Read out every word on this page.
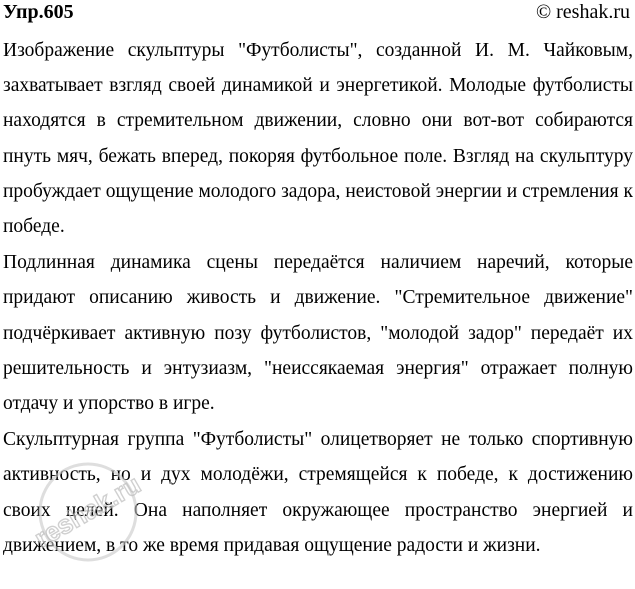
Упр.605	© reshak.ru

Изображение скульптуры "Футболисты", созданной И. М. Чайковым, захватывает взгляд своей динамикой и энергетикой. Молодые футболисты находятся в стремительном движении, словно они вот-вот собираются пнуть мяч, бежать вперед, покоряя футбольное поле. Взгляд на скульптуру пробуждает ощущение молодого задора, неистовой энергии и стремления к победе.

Подлинная динамика сцены передаётся наличием наречий, которые придают описанию живость и движение. "Стремительное движение" подчёркивает активную позу футболистов, "молодой задор" передаёт их решительность и энтузиазм, "неиссякаемая энергия" отражает полную отдачу и упорство в игре.

Скульптурная группа "Футболисты" олицетворяет не только спортивную активность, но и дух молодёжи, стремящейся к победе, к достижению своих целей. Она наполняет окружающее пространство энергией и движением, в то же время придавая ощущение радости и жизни.

reshak.ru
